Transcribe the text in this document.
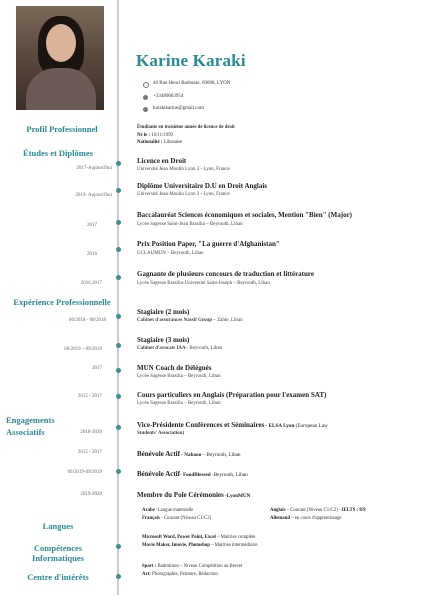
Karine Karaki
46 Rue Henri Barbusse, 69008, LYON
+33480063954
karakikarine@gmail.com
Profil Professionnel	Étudiante en troisième année de licence de droit
Né le : 10/11/1999
Nationalité : Libanaise
Études et Diplômes
2017-Aujourd'hui
Licence en Droit
Université Jean Moulin Lyon 3 - Lyon, France
2019- Aujourd'hui
Diplôme Universitaire D.U en Droit Anglais
Université Jean Moulin Lyon 3 - Lyon, France
2017
Baccalauréat Sciences économiques et sociales, Mention "Bien" (Major)
Lycée Sagesse Saint-Jean Brasilia – Beyrouth, Liban
2016
Prix Position Paper, "La guerre d'Afghanistan"
GCLAUMUN – Beyrouth, Liban
2016,2017
Gagnante de plusieurs concours de traduction et littérature
Lycée Sagesse Brasilia-Université Saint-Joseph – Beyrouth, Liban
Expérience Professionnelle
06/2018 - 08/2018
Stagiaire (2 mois)
Cabinet d'assurances Nassif Group – Zahle, Liban
06/2019 – 09/2019
Stagiaire (3 mois)
Cabinet d'avocats IAA– Beyrouth, Liban
2017	MUN Coach de Délégués
Lycée Sagesse Brasilia – Beyrouth, Liban
2015 - 2017	Cours particuliers en Anglais (Préparation pour l'examen SAT)
Lycée Sagesse Brasilia – Beyrouth, Liban
Engagements Associatifs	2018-2020
Vice-Présidente Conférences et Séminaires - ELSA Lyon (European Law
Students' Association)
2015 - 2017	Bénévole Actif - Nabaoo – Beyrouth, Liban
06/2019-09/2019	Bénévole Actif- FoodBlessed -Beyrouth, Liban
2019-2020	Membre du Pole Cérémonies -LyonMUN
Langues
Arabe -Langue maternelle	Anglais – Courant (Niveau C1/C2) - IELTS : 8/9
Français - Courant (Niveau C1/C2)	Allemand – en cours d'apprentissage
Compétences Informatiques
Microsoft Word, Power Point, Excel – Maitrise complète
Movie Maker, Imovie, Photoshop – Maitrise intermédiaire
Centre d'intérêts
Sport : Badminton – Niveau Compétition au Brevet
Art: Photographie, Peinture, Rédaction
